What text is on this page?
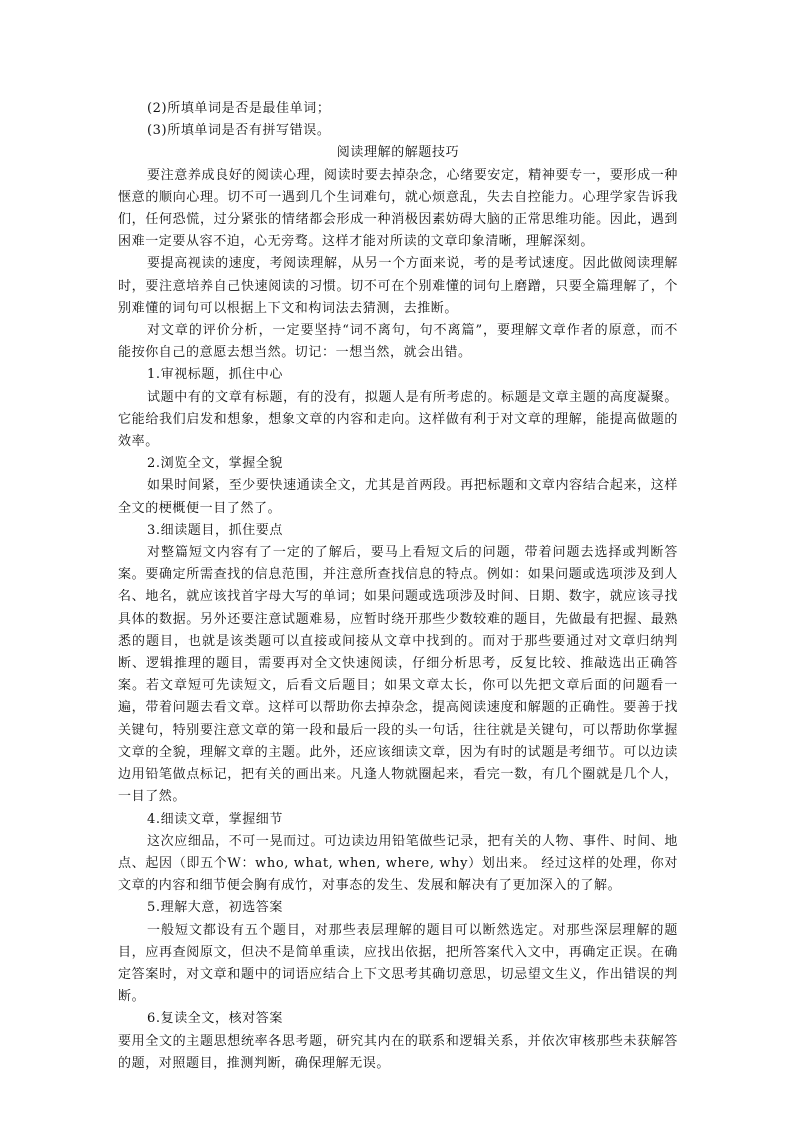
(2)所填单词是否是最佳单词；

(3)所填单词是否有拼写错误。

阅读理解的解题技巧

要注意养成良好的阅读心理，阅读时要去掉杂念，心绪要安定，精神要专一，要形成一种惬意的顺向心理。切不可一遇到几个生词难句，就心烦意乱，失去自控能力。心理学家告诉我们，任何恐慌，过分紧张的情绪都会形成一种消极因素妨碍大脑的正常思维功能。因此，遇到困难一定要从容不迫，心无旁骛。这样才能对所读的文章印象清晰，理解深刻。

要提高视读的速度，考阅读理解，从另一个方面来说，考的是考试速度。因此做阅读理解时，要注意培养自己快速阅读的习惯。切不可在个别难懂的词句上磨蹭，只要全篇理解了，个别难懂的词句可以根据上下文和构词法去猜测，去推断。

对文章的评价分析，一定要坚持“词不离句，句不离篇”，要理解文章作者的原意，而不能按你自己的意愿去想当然。切记：一想当然，就会出错。

1.审视标题，抓住中心

试题中有的文章有标题，有的没有，拟题人是有所考虑的。标题是文章主题的高度凝聚。它能给我们启发和想象，想象文章的内容和走向。这样做有利于对文章的理解，能提高做题的效率。

2.浏览全文，掌握全貌

如果时间紧，至少要快速通读全文，尤其是首两段。再把标题和文章内容结合起来，这样全文的梗概便一目了然了。

3.细读题目，抓住要点

对整篇短文内容有了一定的了解后，要马上看短文后的问题，带着问题去选择或判断答案。要确定所需查找的信息范围，并注意所查找信息的特点。例如：如果问题或选项涉及到人名、地名，就应该找首字母大写的单词；如果问题或选项涉及时间、日期、数字，就应该寻找具体的数据。另外还要注意试题难易，应暂时绕开那些少数较难的题目，先做最有把握、最熟悉的题目，也就是该类题可以直接或间接从文章中找到的。而对于那些要通过对文章归纳判断、逻辑推理的题目，需要再对全文快速阅读，仔细分析思考，反复比较、推敲选出正确答案。若文章短可先读短文，后看文后题目；如果文章太长，你可以先把文章后面的问题看一遍，带着问题去看文章。这样可以帮助你去掉杂念，提高阅读速度和解题的正确性。要善于找关键句，特别要注意文章的第一段和最后一段的头一句话，往往就是关键句，可以帮助你掌握文章的全貌，理解文章的主题。此外，还应该细读文章，因为有时的试题是考细节。可以边读边用铅笔做点标记，把有关的画出来。凡逢人物就圈起来，看完一数，有几个圈就是几个人，一目了然。

4.细读文章，掌握细节

这次应细品，不可一晃而过。可边读边用铅笔做些记录，把有关的人物、事件、时间、地点、起因（即五个W：who, what, when, where, why）划出来。 经过这样的处理，你对文章的内容和细节便会胸有成竹，对事态的发生、发展和解决有了更加深入的了解。

5.理解大意，初选答案

一般短文都设有五个题目，对那些表层理解的题目可以断然选定。对那些深层理解的题目，应再查阅原文，但决不是简单重读，应找出依据，把所答案代入文中，再确定正误。在确定答案时，对文章和题中的词语应结合上下文思考其确切意思，切忌望文生义，作出错误的判断。

6.复读全文，核对答案

要用全文的主题思想统率各思考题，研究其内在的联系和逻辑关系，并依次审核那些未获解答的题，对照题目，推测判断，确保理解无误。
